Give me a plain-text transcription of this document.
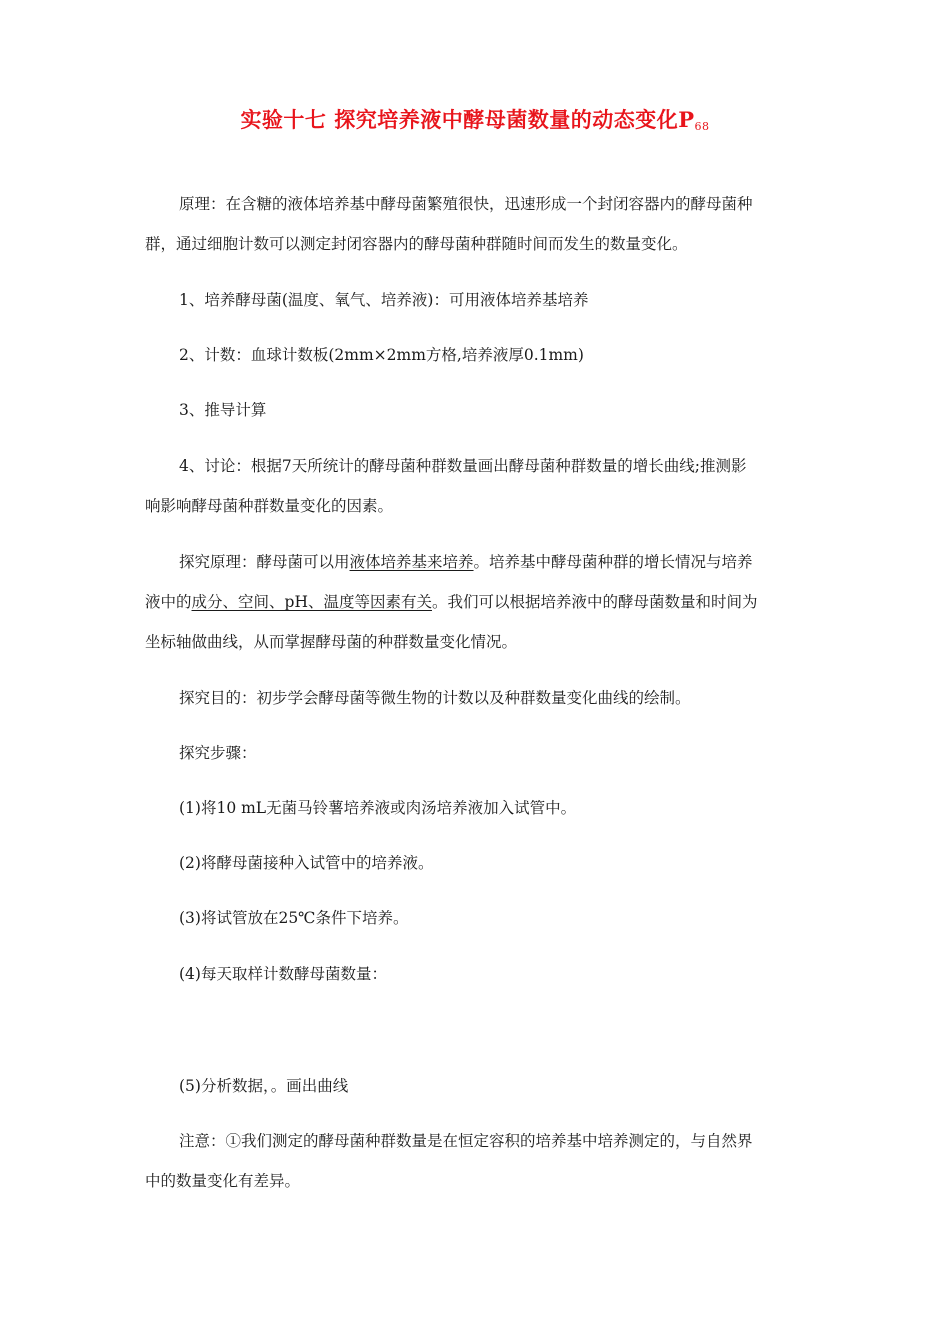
实验十七 探究培养液中酵母菌数量的动态变化$P_{68}$

原理：在含糖的液体培养基中酵母菌繁殖很快，迅速形成一个封闭容器内的酵母菌种
群，通过细胞计数可以测定封闭容器内的酵母菌种群随时间而发生的数量变化。

1、培养酵母菌(温度、氧气、培养液)：可用液体培养基培养

2、计数：血球计数板(2mm×2mm方格,培养液厚0.1mm)

3、推导计算

4、讨论：根据7天所统计的酵母菌种群数量画出酵母菌种群数量的增长曲线;推测影
响影响酵母菌种群数量变化的因素。

探究原理：酵母菌可以用液体培养基来培养。培养基中酵母菌种群的增长情况与培养
液中的成分、空间、pH、温度等因素有关。我们可以根据培养液中的酵母菌数量和时间为
坐标轴做曲线，从而掌握酵母菌的种群数量变化情况。

探究目的：初步学会酵母菌等微生物的计数以及种群数量变化曲线的绘制。

探究步骤：

(1)将10 mL无菌马铃薯培养液或肉汤培养液加入试管中。

(2)将酵母菌接种入试管中的培养液。

(3)将试管放在25℃条件下培养。

(4)每天取样计数酵母菌数量：

(5)分析数据，。画出曲线

注意：①我们测定的酵母菌种群数量是在恒定容积的培养基中培养测定的，与自然界
中的数量变化有差异。
